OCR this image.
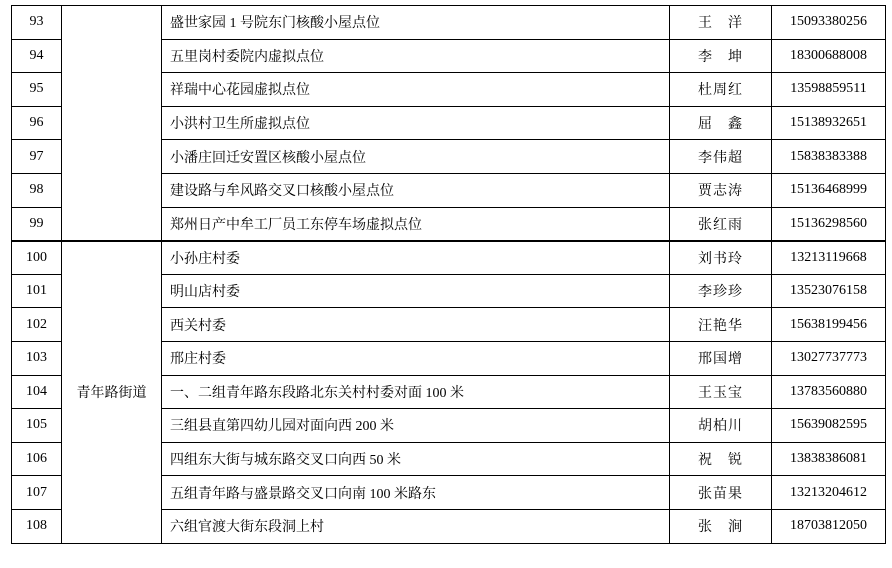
93		盛世家园 1 号院东门核酸小屋点位	王　洋	15093380256
94		五里岗村委院内虚拟点位	李　坤	18300688008
95		祥瑞中心花园虚拟点位	杜周红	13598859511
96		小洪村卫生所虚拟点位	屈　鑫	15138932651
97		小潘庄回迁安置区核酸小屋点位	李伟超	15838383388
98		建设路与牟风路交叉口核酸小屋点位	贾志涛	15136468999
99		郑州日产中牟工厂员工东停车场虚拟点位	张红雨	15136298560
100	青年路街道	小孙庄村委	刘书玲	13213119668
101		明山店村委	李珍珍	13523076158
102		西关村委	汪艳华	15638199456
103		邢庄村委	邢国增	13027737773
104		一、二组青年路东段路北东关村村委对面 100 米	王玉宝	13783560880
105		三组县直第四幼儿园对面向西 200 米	胡柏川	15639082595
106		四组东大街与城东路交叉口向西 50 米	祝　锐	13838386081
107		五组青年路与盛景路交叉口向南 100 米路东	张苗果	13213204612
108		六组官渡大街东段洞上村	张　涧	18703812050
